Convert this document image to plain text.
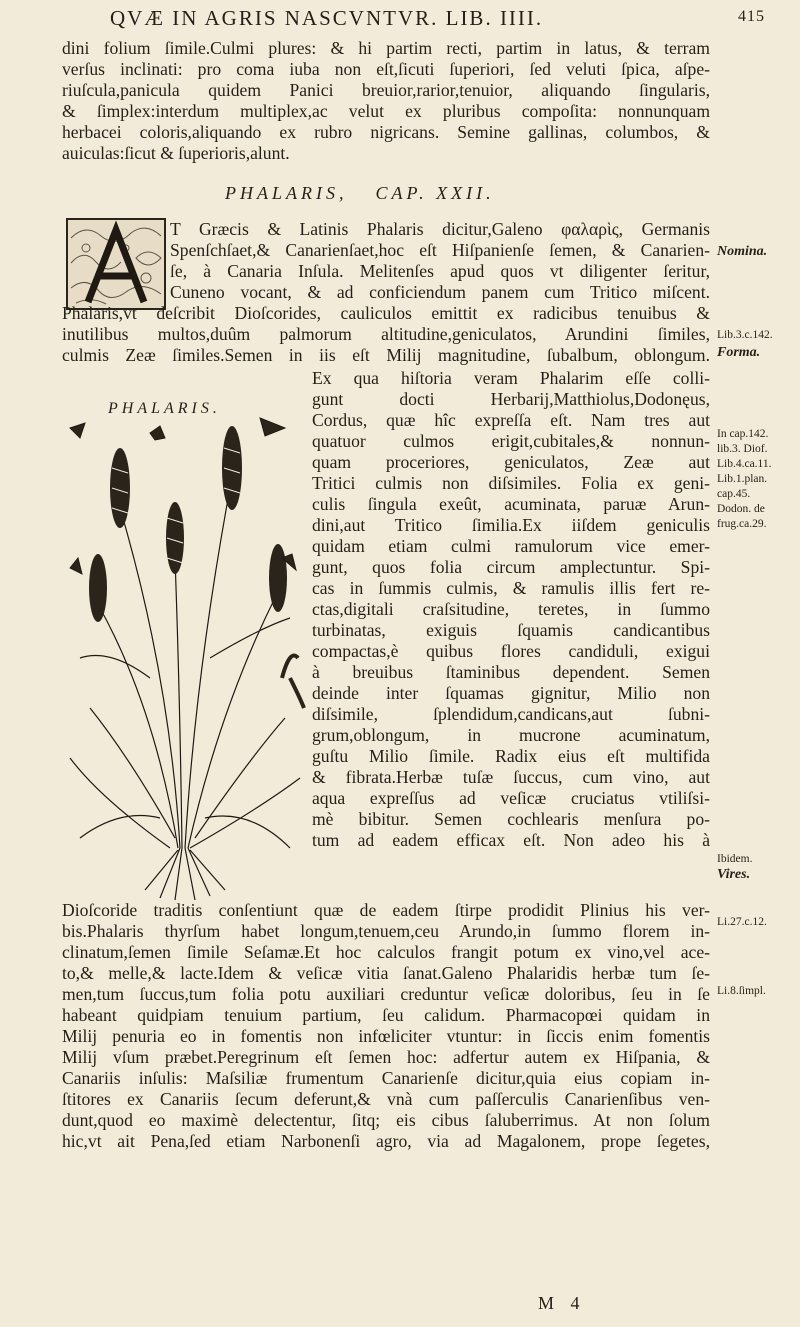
QVÆ IN AGRIS NASCVNTVR. LIB. IIII.	415
dini folium ſimile.Culmi plures: & hi partim recti, partim in latus, & terram
verſus inclinati: pro coma iuba non eſt,ſicuti ſuperiori, ſed veluti ſpica, aſpe-
riuſcula,panicula quidem Panici breuior,rarior,tenuior, aliquando ſingularis,
& ſimplex:interdum multiplex,ac velut ex pluribus compoſita: nonnunquam
herbacei coloris,aliquando ex rubro nigricans. Semine gallinas, columbos, &
auiculas:ſicut & ſuperioris,alunt.
PHALARIS, CAP. XXII.
T Græcis & Latinis Phalaris dicitur,Galeno φαλαρὶς, Germanis
Spenſchſaet,& Canarienſaet,hoc eſt Hiſpanienſe ſemen, & Canarien-
ſe, à Canaria Inſula. Melitenſes apud quos vt diligenter ſeritur,
Cuneno vocant, & ad conficiendum panem cum Tritico miſcent.
Phalaris,vt deſcribit Dioſcorides, cauliculos emittit ex radicibus tenuibus &
inutilibus multos,duûm palmorum altitudine,geniculatos, Arundini ſimiles,
culmis Zeæ ſimiles.Semen in iis eſt Milij magnitudine, ſubalbum, oblongum.
PHALARIS.
Ex qua hiſtoria veram Phalarim eſſe colli-
gunt docti Herbarij,Matthiolus,Dodonęus,
Cordus, quæ hîc expreſſa eſt. Nam tres aut
quatuor culmos erigit,cubitales,& nonnun-
quam proceriores, geniculatos, Zeæ aut
Tritici culmis non diſsimiles. Folia ex geni-
culis ſingula exeût, acuminata, paruæ Arun-
dini,aut Tritico ſimilia.Ex iiſdem geniculis
quidam etiam culmi ramulorum vice emer-
gunt, quos folia circum amplectuntur. Spi-
cas in ſummis culmis, & ramulis illis fert re-
ctas,digitali craſsitudine, teretes, in ſummo
turbinatas, exiguis ſquamis candicantibus
compactas,è quibus flores candiduli, exigui
à breuibus ſtaminibus dependent. Semen
deinde inter ſquamas gignitur, Milio non
diſsimile, ſplendidum,candicans,aut ſubni-
grum,oblongum, in mucrone acuminatum,
guſtu Milio ſimile. Radix eius eſt multifida
& fibrata.Herbæ tuſæ ſuccus, cum vino, aut
aqua expreſſus ad veſicæ cruciatus vtiliſsi-
mè bibitur. Semen cochlearis menſura po-
tum ad eadem efficax eſt. Non adeo his à
Dioſcoride traditis conſentiunt quæ de eadem ſtirpe prodidit Plinius his ver-
bis.Phalaris thyrſum habet longum,tenuem,ceu Arundo,in ſummo florem in-
clinatum,ſemen ſimile Seſamæ.Et hoc calculos frangit potum ex vino,vel ace-
to,& melle,& lacte.Idem & veſicæ vitia ſanat.Galeno Phalaridis herbæ tum ſe-
men,tum ſuccus,tum folia potu auxiliari creduntur veſicæ doloribus, ſeu in ſe
habeant quidpiam tenuium partium, ſeu calidum. Pharmacopœi quidam in
Milij penuria eo in fomentis non infœliciter vtuntur: in ſiccis enim fomentis
Milij vſum præbet.Peregrinum eſt ſemen hoc: adfertur autem ex Hiſpania, &
Canariis inſulis: Maſsiliæ frumentum Canarienſe dicitur,quia eius copiam in-
ſtitores ex Canariis ſecum deferunt,& vnà cum paſſerculis Canarienſibus ven-
dunt,quod eo maximè delectentur, ſitq; eis cibus ſaluberrimus. At non ſolum
hic,vt ait Pena,ſed etiam Narbonenſi agro, via ad Magalonem, prope ſegetes,
M 4
Nomina.
Lib.3.c.142.
Forma.
In cap.142.
lib.3. Diof.
Lib.4.ca.11.
Lib.1.plan.
cap.45.
Dodon. de
frug.ca.29.
Ibidem.
Vires.
Li.27.c.12.
Li.8.ſimpl.
